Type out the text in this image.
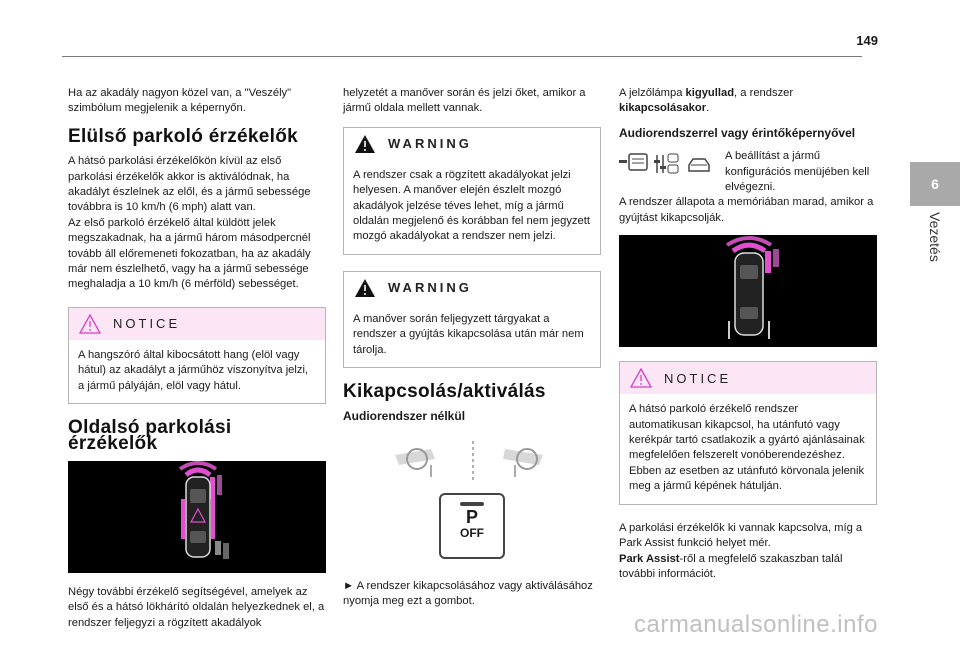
149
6
Vezetés

Ha az akadály nagyon közel van, a "Veszély" szimbólum megjelenik a képernyőn.

Elülső parkoló érzékelők

A hátsó parkolási érzékelőkön kívül az első parkolási érzékelők akkor is aktiválódnak, ha akadályt észlelnek az elől, és a jármű sebessége továbbra is 10 km/h (6 mph) alatt van.
Az első parkoló érzékelő által küldött jelek megszakadnak, ha a jármű három másodpercnél tovább áll előremeneti fokozatban, ha az akadály már nem észlelhető, vagy ha a jármű sebessége meghaladja a 10 km/h (6 mérföld) sebességet.

NOTICE
A hangszóró által kibocsátott hang (elöl vagy hátul) az akadályt a járműhöz viszonyítva jelzi, a jármű pályáján, elöl vagy hátul.
Oldalsó parkolási érzékelők

Négy további érzékelő segítségével, amelyek az első és a hátsó lökhárító oldalán helyezkednek el, a rendszer feljegyzi a rögzített akadályok

helyzetét a manőver során és jelzi őket, amikor a jármű oldala mellett vannak.

WARNING
A rendszer csak a rögzített akadályokat jelzi helyesen. A manőver elején észlelt mozgó akadályok jelzése téves lehet, míg a jármű oldalán megjelenő és korábban fel nem jegyzett mozgó akadályokat a rendszer nem jelzi.
WARNING
A manőver során feljegyzett tárgyakat a rendszer a gyújtás kikapcsolása után már nem tárolja.
Kikapcsolás/aktiválás
Audiorendszer nélkül
P
OFF

► A rendszer kikapcsolásához vagy aktiválásához nyomja meg ezt a gombot.

A jelzőlámpa kigyullad, a rendszer kikapcsolásakor.

Audiorendszerrel vagy érintőképernyővel

A beállítást a jármű konfigurációs menüjében kell elvégezni.

A rendszer állapota a memóriában marad, amikor a gyújtást kikapcsolják.

NOTICE
A hátsó parkoló érzékelő rendszer automatikusan kikapcsol, ha utánfutó vagy kerékpár tartó csatlakozik a gyártó ajánlásainak megfelelően felszerelt vonóberendezéshez.
Ebben az esetben az utánfutó körvonala jelenik meg a jármű képének hátulján.

A parkolási érzékelők ki vannak kapcsolva, míg a Park Assist funkció helyet mér.
Park Assist-ről a megfelelő szakaszban talál további információt.

carmanualsonline.info
